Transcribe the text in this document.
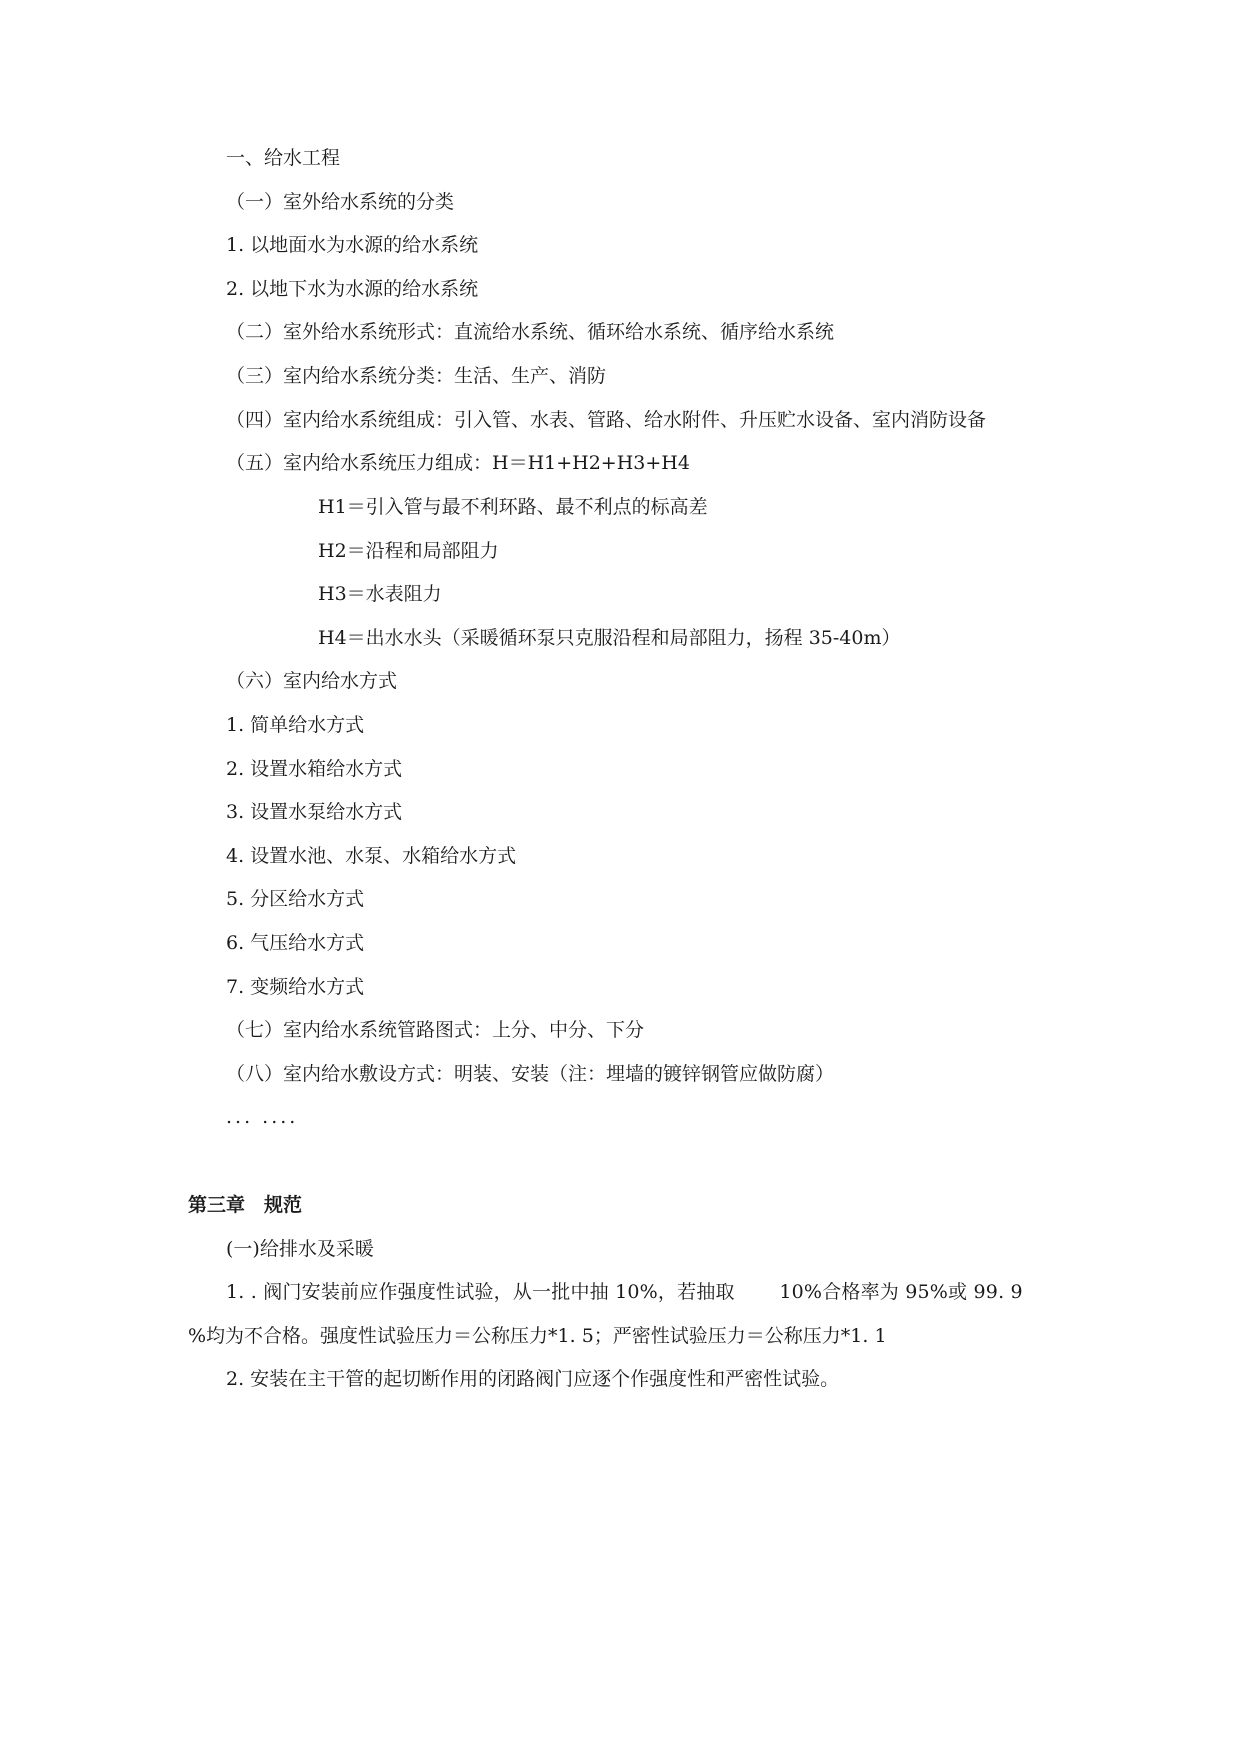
一、给水工程
（一）室外给水系统的分类
1. 以地面水为水源的给水系统
2. 以地下水为水源的给水系统
（二）室外给水系统形式：直流给水系统、循环给水系统、循序给水系统
（三）室内给水系统分类：生活、生产、消防
（四）室内给水系统组成：引入管、水表、管路、给水附件、升压贮水设备、室内消防设备
（五）室内给水系统压力组成：H＝H1+H2+H3+H4
H1＝引入管与最不利环路、最不利点的标高差
H2＝沿程和局部阻力
H3＝水表阻力
H4＝出水水头（采暖循环泵只克服沿程和局部阻力，扬程 35-40m）
（六）室内给水方式
1. 简单给水方式
2. 设置水箱给水方式
3. 设置水泵给水方式
4. 设置水池、水泵、水箱给水方式
5. 分区给水方式
6. 气压给水方式
7. 变频给水方式
（七）室内给水系统管路图式：上分、中分、下分
（八）室内给水敷设方式：明装、安装（注：埋墙的镀锌钢管应做防腐）
... ....
第三章　规范
(一)给排水及采暖
1. . 阀门安装前应作强度性试验，从一批中抽 10%，若抽取　　 10%合格率为 95%或 99. 9
%均为不合格。强度性试验压力＝公称压力*1. 5；严密性试验压力＝公称压力*1. 1
2. 安装在主干管的起切断作用的闭路阀门应逐个作强度性和严密性试验。
